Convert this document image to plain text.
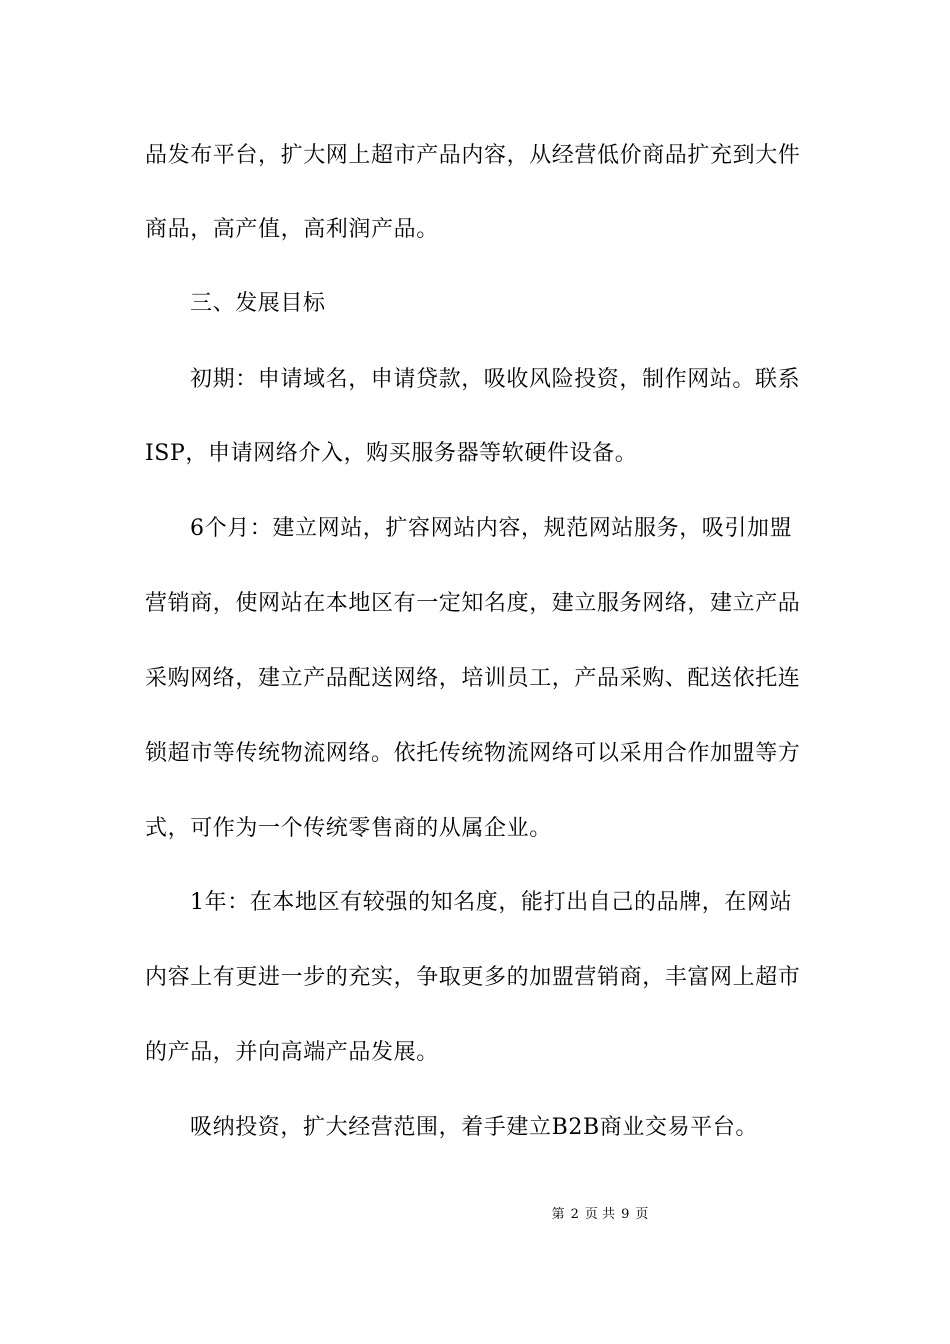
品发布平台，扩大网上超市产品内容，从经营低价商品扩充到大件
商品，高产值，高利润产品。
三、发展目标
初期：申请域名，申请贷款，吸收风险投资，制作网站。联系
ISP，申请网络介入，购买服务器等软硬件设备。
6个月：建立网站，扩容网站内容，规范网站服务，吸引加盟
营销商，使网站在本地区有一定知名度，建立服务网络，建立产品
采购网络，建立产品配送网络，培训员工，产品采购、配送依托连
锁超市等传统物流网络。依托传统物流网络可以采用合作加盟等方
式，可作为一个传统零售商的从属企业。
1年：在本地区有较强的知名度，能打出自己的品牌，在网站
内容上有更进一步的充实，争取更多的加盟营销商，丰富网上超市
的产品，并向高端产品发展。
吸纳投资，扩大经营范围，着手建立B2B商业交易平台。
第 2 页 共 9 页
